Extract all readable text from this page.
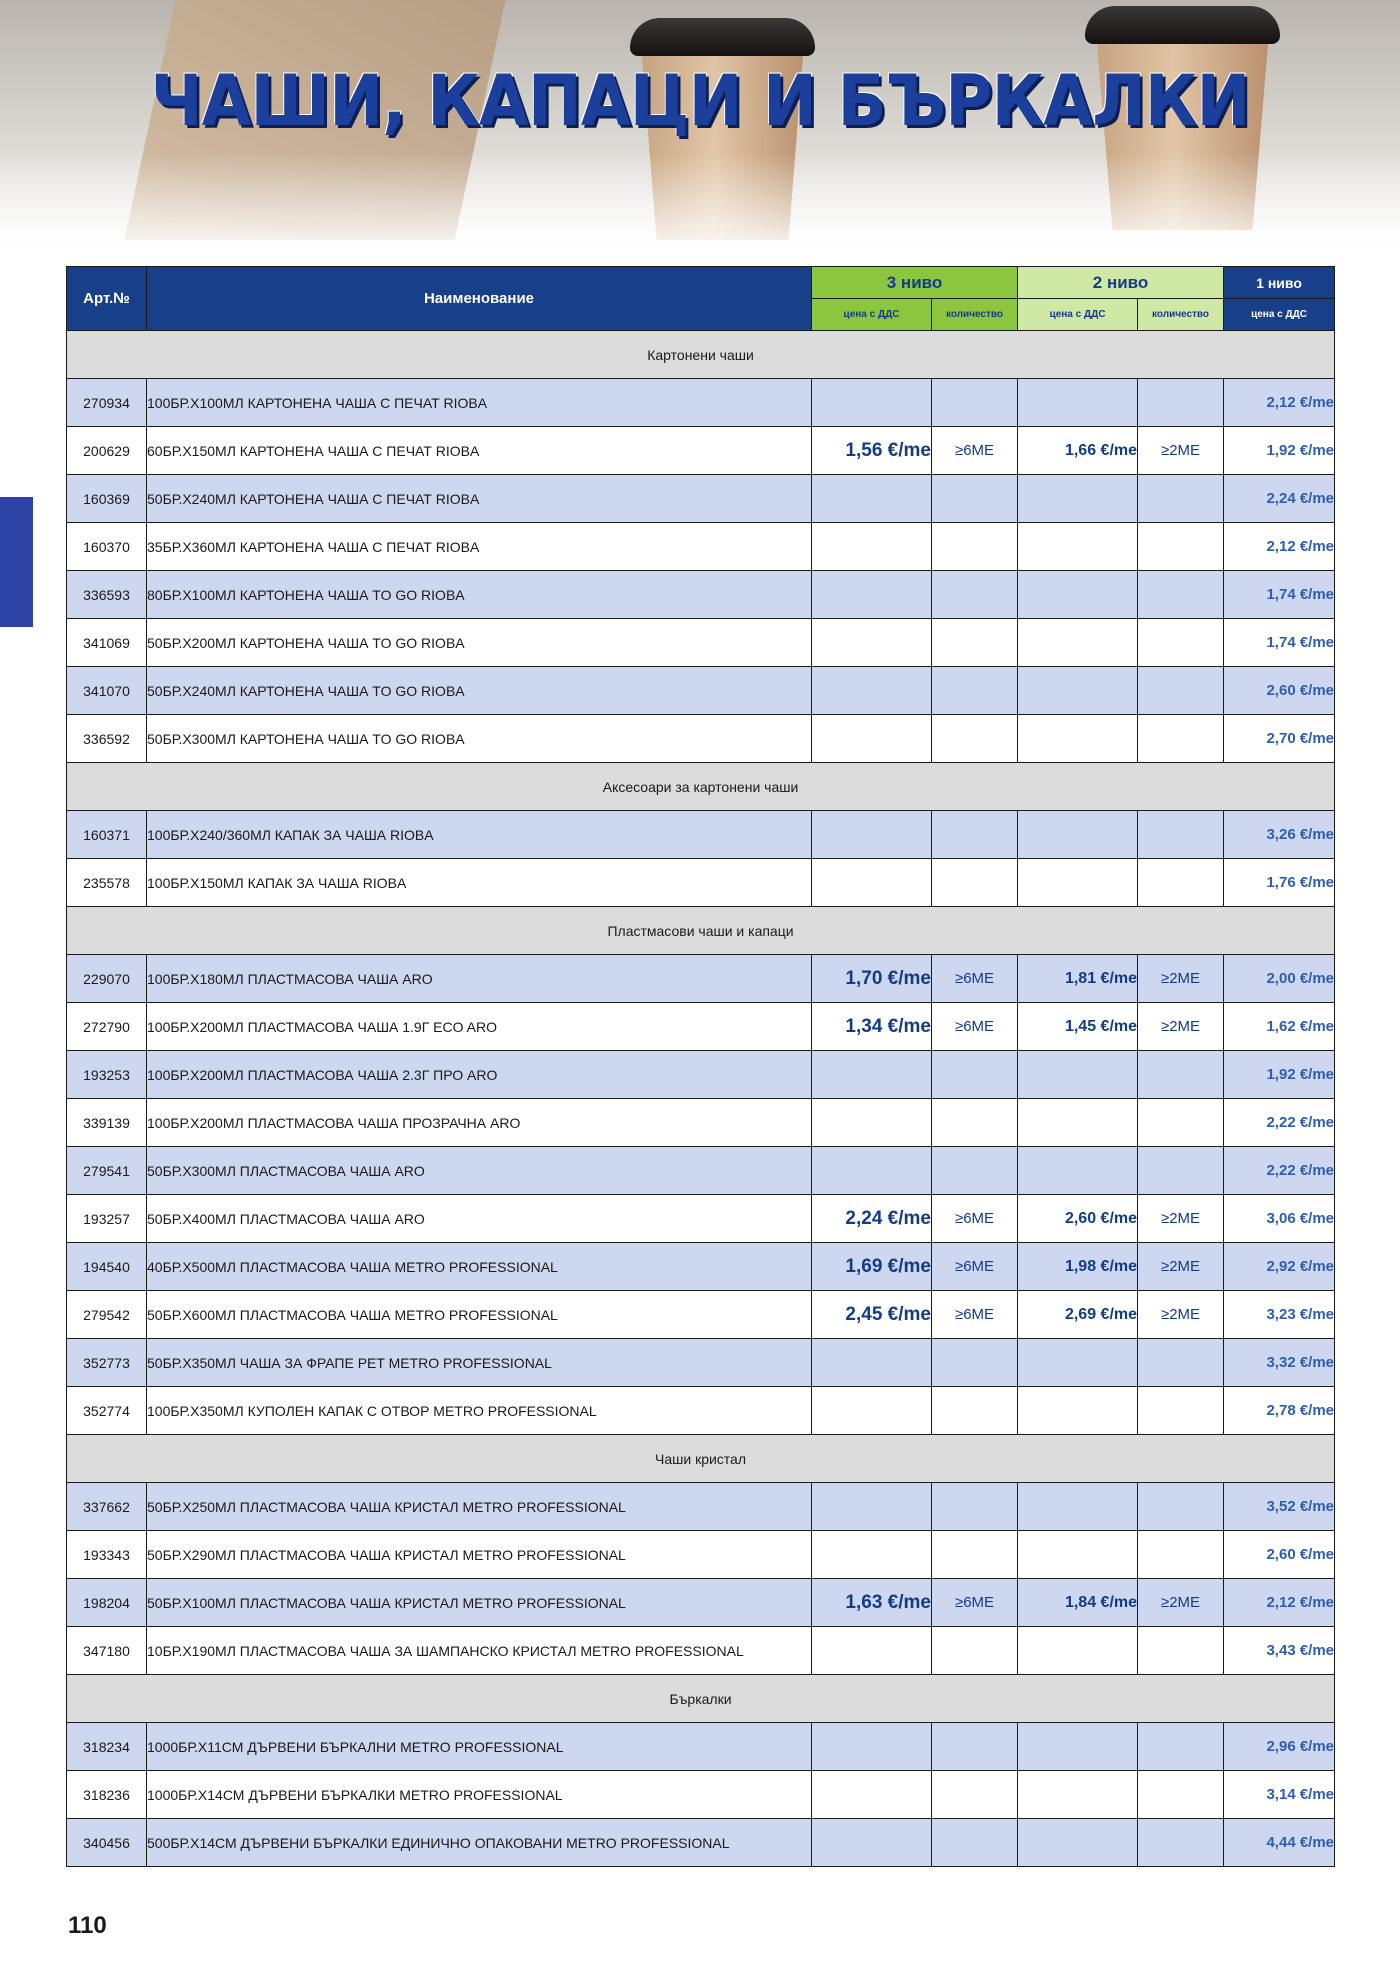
ЧАШИ, КАПАЦИ И БЪРКАЛКИ
Арт.№	Наименование	3 ниво		2 ниво		1 ниво
		цена с ДДС	количество	цена с ДДС	количество	цена с ДДС
Картонени чаши						
270934	100БР.X100МЛ КАРТОНЕНА ЧАША С ПЕЧАТ RIOBA					2,12 €/me
200629	60БР.X150МЛ КАРТОНЕНА ЧАША С ПЕЧАТ RIOBA	1,56 €/me	≥6ME	1,66 €/me	≥2ME	1,92 €/me
160369	50БР.X240МЛ КАРТОНЕНА ЧАША С ПЕЧАТ RIOBA					2,24 €/me
160370	35БР.X360МЛ КАРТОНЕНА ЧАША С ПЕЧАТ RIOBA					2,12 €/me
336593	80БР.X100МЛ КАРТОНЕНА ЧАША TO GO RIOBA					1,74 €/me
341069	50БР.X200МЛ КАРТОНЕНА ЧАША TO GO RIOBA					1,74 €/me
341070	50БР.X240МЛ КАРТОНЕНА ЧАША TO GO RIOBA					2,60 €/me
336592	50БР.X300МЛ КАРТОНЕНА ЧАША TO GO RIOBA					2,70 €/me
Аксесоари за картонени чаши						
160371	100БР.X240/360МЛ КАПАК ЗА ЧАША RIOBA					3,26 €/me
235578	100БР.X150МЛ КАПАК ЗА ЧАША RIOBA					1,76 €/me
Пластмасови чаши и капаци						
229070	100БР.X180МЛ ПЛАСТМАСОВА ЧАША ARO	1,70 €/me	≥6ME	1,81 €/me	≥2ME	2,00 €/me
272790	100БР.X200МЛ ПЛАСТМАСОВА ЧАША 1.9Г ECO ARO	1,34 €/me	≥6ME	1,45 €/me	≥2ME	1,62 €/me
193253	100БР.X200МЛ ПЛАСТМАСОВА ЧАША 2.3Г ПРО ARO					1,92 €/me
339139	100БР.X200МЛ ПЛАСТМАСОВА ЧАША ПРОЗРАЧНА ARO					2,22 €/me
279541	50БР.X300МЛ ПЛАСТМАСОВА ЧАША ARO					2,22 €/me
193257	50БР.X400МЛ ПЛАСТМАСОВА ЧАША ARO	2,24 €/me	≥6ME	2,60 €/me	≥2ME	3,06 €/me
194540	40БР.X500МЛ ПЛАСТМАСОВА ЧАША METRO PROFESSIONAL	1,69 €/me	≥6ME	1,98 €/me	≥2ME	2,92 €/me
279542	50БР.X600МЛ ПЛАСТМАСОВА ЧАША METRO PROFESSIONAL	2,45 €/me	≥6ME	2,69 €/me	≥2ME	3,23 €/me
352773	50БР.X350МЛ ЧАША ЗА ФРАПЕ PET METRO PROFESSIONAL					3,32 €/me
352774	100БР.X350МЛ КУПОЛЕН КАПАК С ОТВОР METRO PROFESSIONAL					2,78 €/me
Чаши кристал						
337662	50БР.X250МЛ ПЛАСТМАСОВА ЧАША КРИСТАЛ METRO PROFESSIONAL					3,52 €/me
193343	50БР.X290МЛ ПЛАСТМАСОВА ЧАША КРИСТАЛ METRO PROFESSIONAL					2,60 €/me
198204	50БР.X100МЛ ПЛАСТМАСОВА ЧАША КРИСТАЛ METRO PROFESSIONAL	1,63 €/me	≥6ME	1,84 €/me	≥2ME	2,12 €/me
347180	10БР.X190МЛ ПЛАСТМАСОВА ЧАША ЗА ШАМПАНСКО КРИСТАЛ METRO PROFESSIONAL					3,43 €/me
Бъркалки						
318234	1000БР.X11СМ ДЪРВЕНИ БЪРКАЛНИ METRO PROFESSIONAL					2,96 €/me
318236	1000БР.X14СМ ДЪРВЕНИ БЪРКАЛКИ METRO PROFESSIONAL					3,14 €/me
340456	500БР.X14СМ ДЪРВЕНИ БЪРКАЛКИ ЕДИНИЧНО ОПАКОВАНИ METRO PROFESSIONAL					4,44 €/me
110
